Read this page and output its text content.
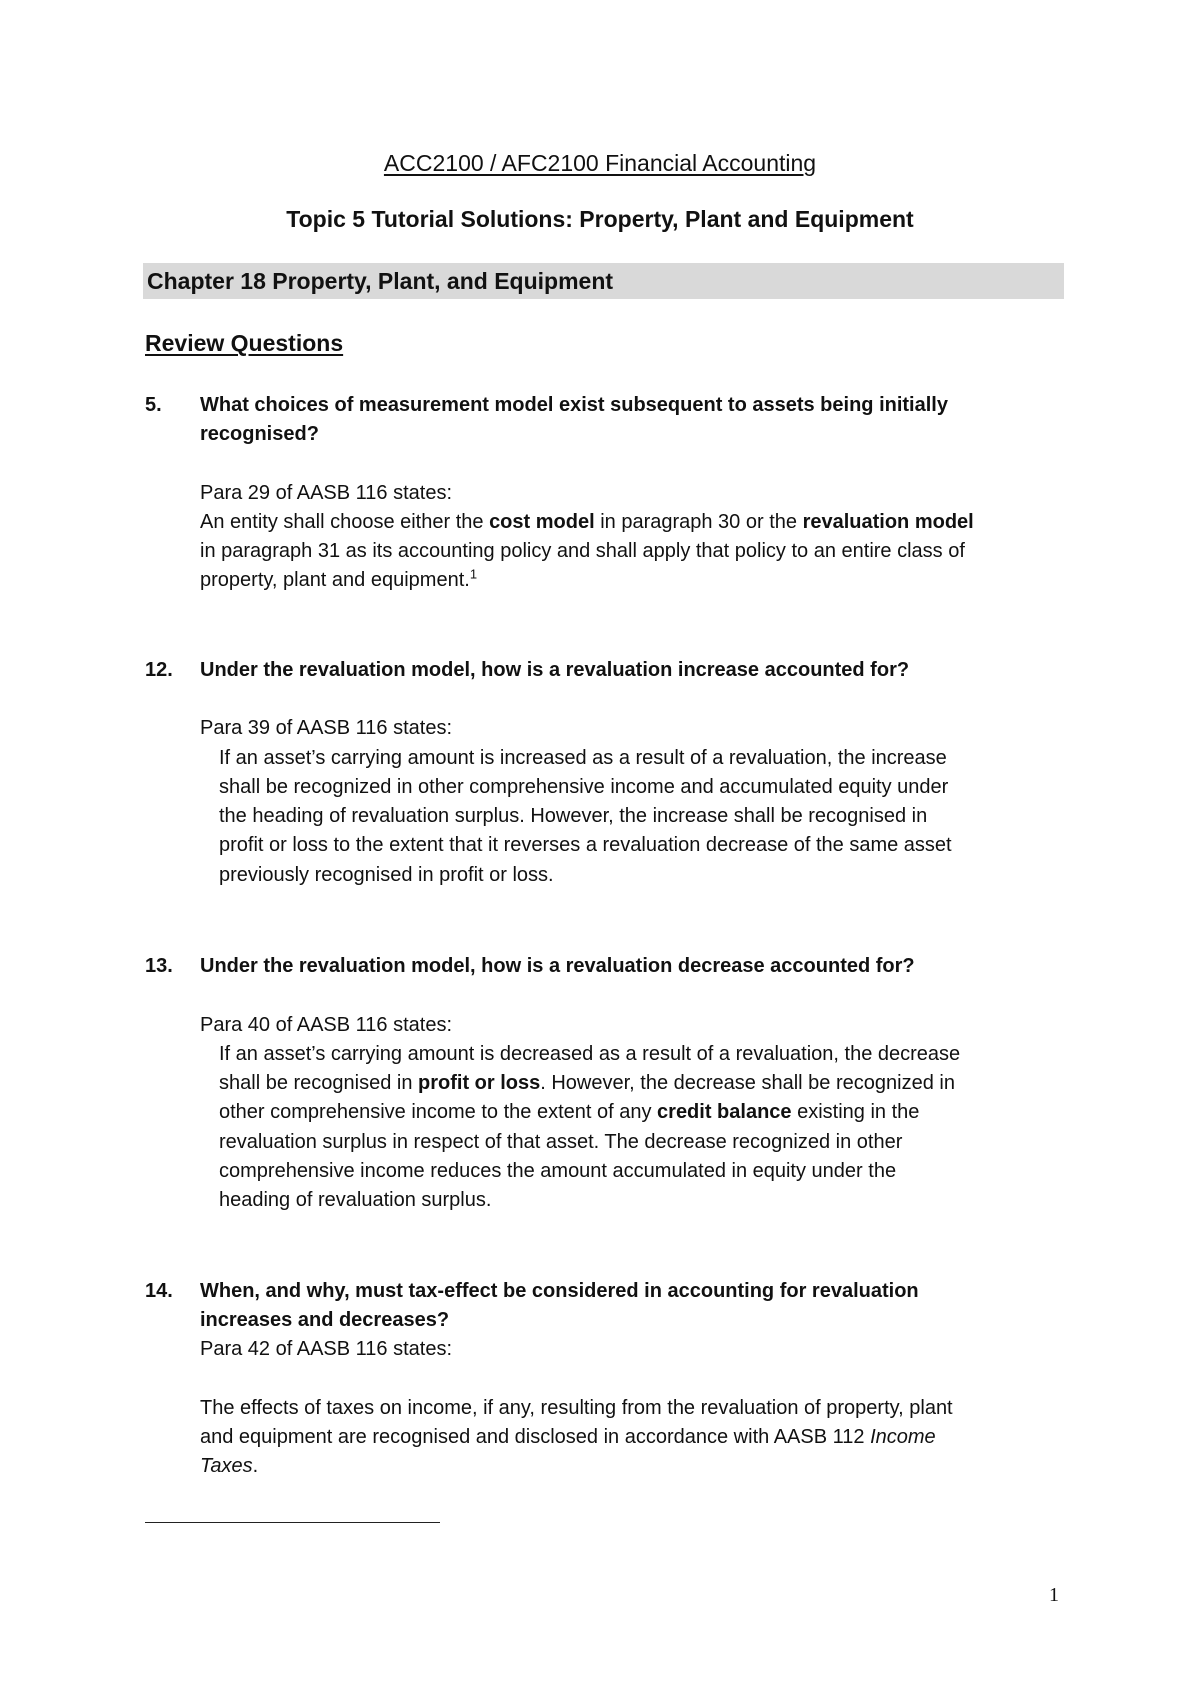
ACC2100 / AFC2100 Financial Accounting

Topic 5 Tutorial Solutions: Property, Plant and Equipment

Chapter 18 Property, Plant, and Equipment

Review Questions

5. What choices of measurement model exist subsequent to assets being initially

recognised?

Para 29 of AASB 116 states:

An entity shall choose either the cost model in paragraph 30 or the revaluation model

in paragraph 31 as its accounting policy and shall apply that policy to an entire class of

property, plant and equipment.$^1$

12. Under the revaluation model, how is a revaluation increase accounted for?

Para 39 of AASB 116 states:

If an asset’s carrying amount is increased as a result of a revaluation, the increase

shall be recognized in other comprehensive income and accumulated equity under

the heading of revaluation surplus. However, the increase shall be recognised in

profit or loss to the extent that it reverses a revaluation decrease of the same asset

previously recognised in profit or loss.

13. Under the revaluation model, how is a revaluation decrease accounted for?

Para 40 of AASB 116 states:

If an asset’s carrying amount is decreased as a result of a revaluation, the decrease

shall be recognised in profit or loss. However, the decrease shall be recognized in

other comprehensive income to the extent of any credit balance existing in the

revaluation surplus in respect of that asset. The decrease recognized in other

comprehensive income reduces the amount accumulated in equity under the

heading of revaluation surplus.

14. When, and why, must tax-effect be considered in accounting for revaluation

increases and decreases?

Para 42 of AASB 116 states:

The effects of taxes on income, if any, resulting from the revaluation of property, plant

and equipment are recognised and disclosed in accordance with AASB 112 Income

Taxes.

1
